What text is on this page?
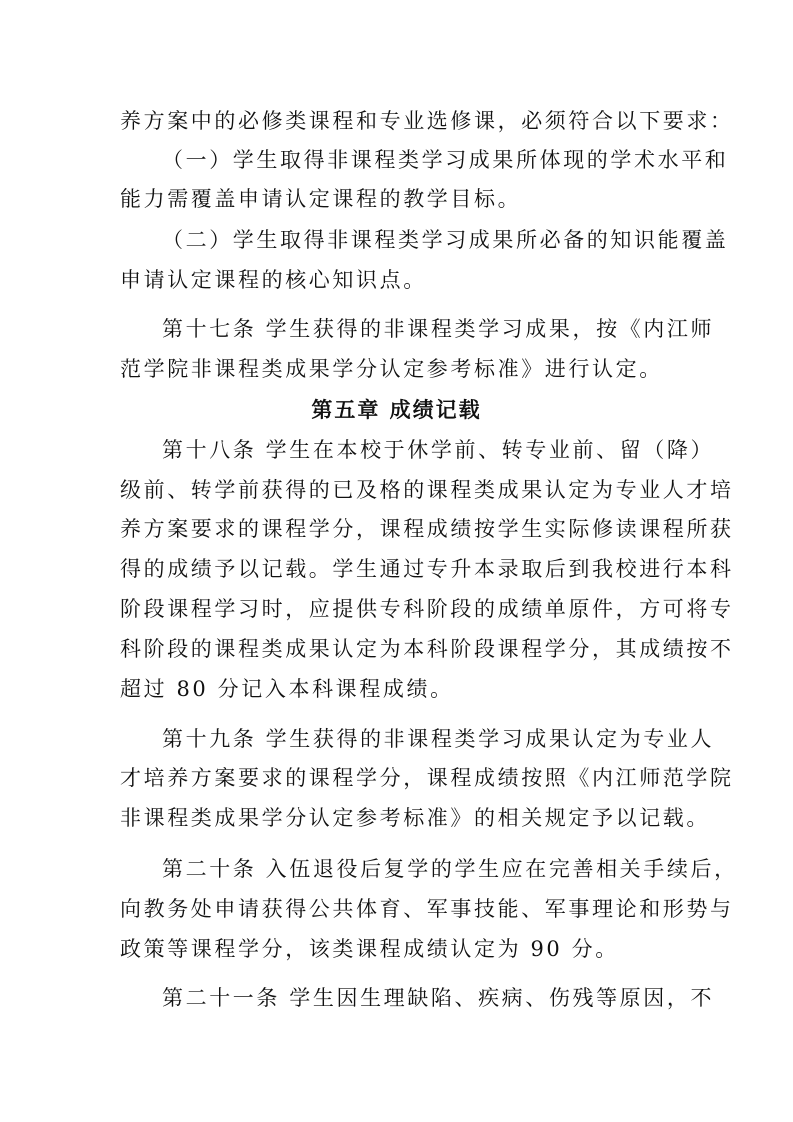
养方案中的必修类课程和专业选修课，必须符合以下要求：

（一）学生取得非课程类学习成果所体现的学术水平和

能力需覆盖申请认定课程的教学目标。

（二）学生取得非课程类学习成果所必备的知识能覆盖

申请认定课程的核心知识点。

第十七条 学生获得的非课程类学习成果，按《内江师

范学院非课程类成果学分认定参考标准》进行认定。

第五章 成绩记载

第十八条 学生在本校于休学前、转专业前、留（降）

级前、转学前获得的已及格的课程类成果认定为专业人才培

养方案要求的课程学分，课程成绩按学生实际修读课程所获

得的成绩予以记载。学生通过专升本录取后到我校进行本科

阶段课程学习时，应提供专科阶段的成绩单原件，方可将专

科阶段的课程类成果认定为本科阶段课程学分，其成绩按不

超过 80 分记入本科课程成绩。

第十九条 学生获得的非课程类学习成果认定为专业人

才培养方案要求的课程学分，课程成绩按照《内江师范学院

非课程类成果学分认定参考标准》的相关规定予以记载。

第二十条 入伍退役后复学的学生应在完善相关手续后，

向教务处申请获得公共体育、军事技能、军事理论和形势与

政策等课程学分，该类课程成绩认定为 90 分。

第二十一条 学生因生理缺陷、疾病、伤残等原因，不
